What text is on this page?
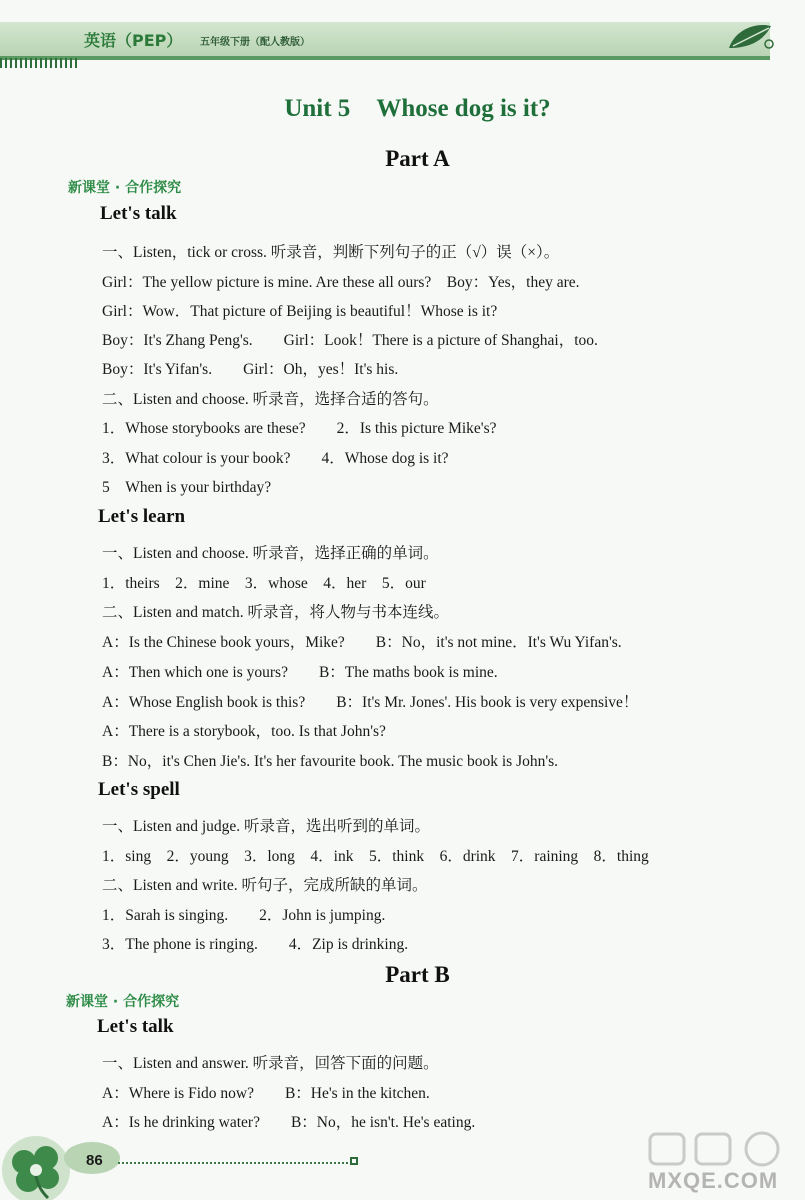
英语（PEP） 五年级下册（配人教版）
Unit 5 Whose dog is it?
Part A
新课堂 · 合作探究
Let's talk
一、Listen，tick or cross. 听录音，判断下列句子的正（√）误（×）。
Girl：The yellow picture is mine. Are these all ours?　Boy：Yes，they are.
Girl：Wow．That picture of Beijing is beautiful！Whose is it?
Boy：It's Zhang Peng's.　　Girl：Look！There is a picture of Shanghai，too.
Boy：It's Yifan's.　　Girl：Oh，yes！It's his.
二、Listen and choose. 听录音，选择合适的答句。
1．Whose storybooks are these?　　2．Is this picture Mike's?
3．What colour is your book?　　4．Whose dog is it?
5　When is your birthday?
Let's learn
一、Listen and choose. 听录音，选择正确的单词。
1．theirs　2．mine　3．whose　4．her　5．our
二、Listen and match. 听录音，将人物与书本连线。
A：Is the Chinese book yours，Mike?　　B：No，it's not mine．It's Wu Yifan's.
A：Then which one is yours?　　B：The maths book is mine.
A：Whose English book is this?　　B：It's Mr. Jones'. His book is very expensive！
A：There is a storybook，too. Is that John's?
B：No，it's Chen Jie's. It's her favourite book. The music book is John's.
Let's spell
一、Listen and judge. 听录音，选出听到的单词。
1．sing　2．young　3．long　4．ink　5．think　6．drink　7．raining　8．thing
二、Listen and write. 听句子，完成所缺的单词。
1．Sarah is singing.　　2．John is jumping.
3．The phone is ringing.　　4．Zip is drinking.
Part B
新课堂 · 合作探究
Let's talk
一、Listen and answer. 听录音，回答下面的问题。
A：Where is Fido now?　　B：He's in the kitchen.
A：Is he drinking water?　　B：No，he isn't. He's eating.
86
MXQE.COM
